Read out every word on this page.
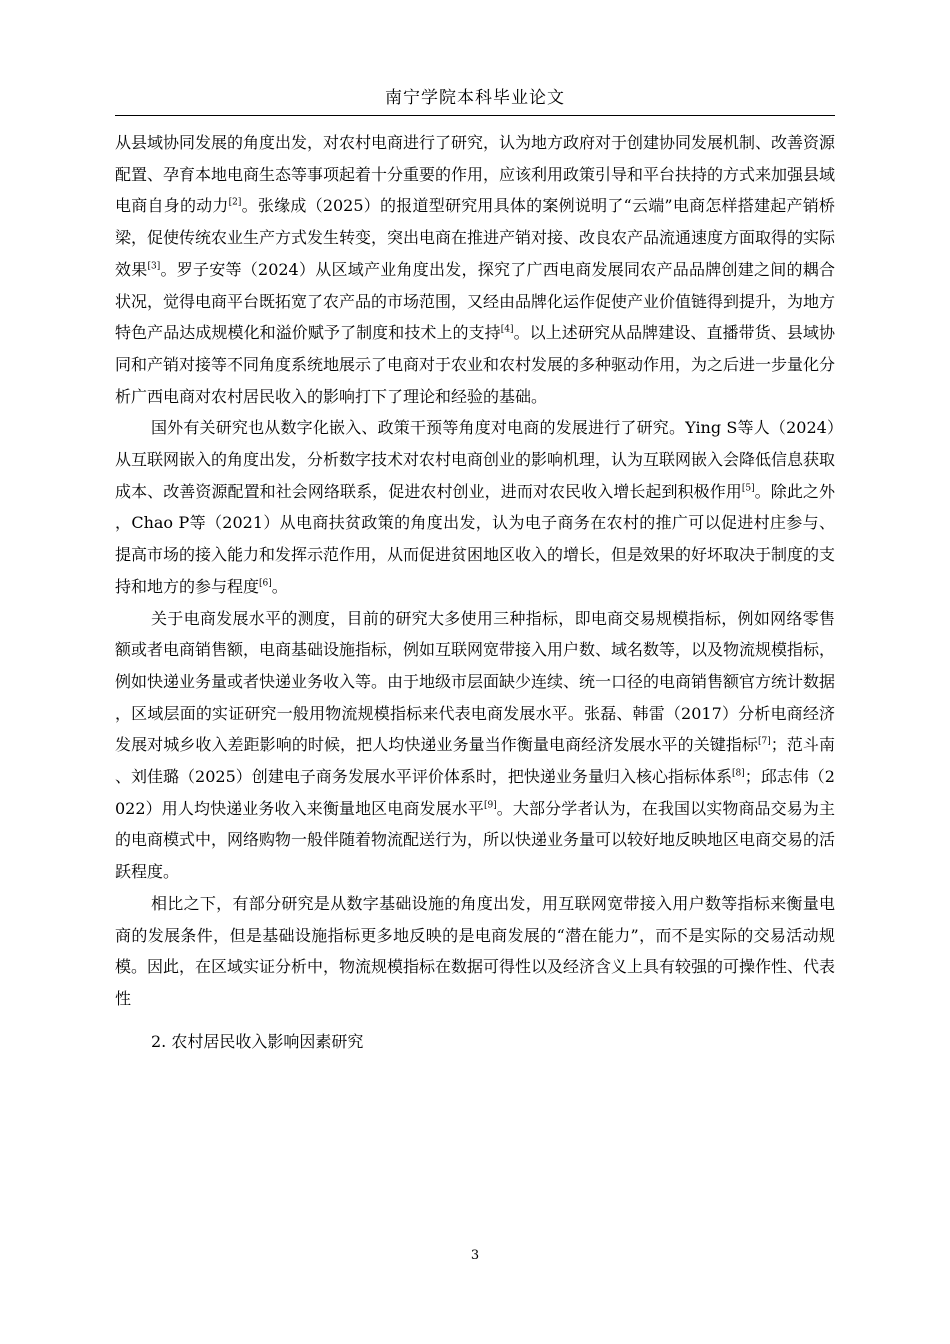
南宁学院本科毕业论文

从县域协同发展的角度出发，对农村电商进行了研究，认为地方政府对于创建协同发展机制、改善资源配置、孕育本地电商生态等事项起着十分重要的作用，应该利用政策引导和平台扶持的方式来加强县域电商自身的动力[2]。张缘成（2025）的报道型研究用具体的案例说明了“云端”电商怎样搭建起产销桥梁，促使传统农业生产方式发生转变，突出电商在推进产销对接、改良农产品流通速度方面取得的实际效果[3]。罗子安等（2024）从区域产业角度出发，探究了广西电商发展同农产品品牌创建之间的耦合状况，觉得电商平台既拓宽了农产品的市场范围，又经由品牌化运作促使产业价值链得到提升，为地方特色产品达成规模化和溢价赋予了制度和技术上的支持[4]。以上述研究从品牌建设、直播带货、县域协同和产销对接等不同角度系统地展示了电商对于农业和农村发展的多种驱动作用，为之后进一步量化分析广西电商对农村居民收入的影响打下了理论和经验的基础。

国外有关研究也从数字化嵌入、政策干预等角度对电商的发展进行了研究。Ying S等人（2024）从互联网嵌入的角度出发，分析数字技术对农村电商创业的影响机理，认为互联网嵌入会降低信息获取成本、改善资源配置和社会网络联系，促进农村创业，进而对农民收入增长起到积极作用[5]。除此之外，Chao P等（2021）从电商扶贫政策的角度出发，认为电子商务在农村的推广可以促进村庄参与、提高市场的接入能力和发挥示范作用，从而促进贫困地区收入的增长，但是效果的好坏取决于制度的支持和地方的参与程度[6]。

关于电商发展水平的测度，目前的研究大多使用三种指标，即电商交易规模指标，例如网络零售额或者电商销售额，电商基础设施指标，例如互联网宽带接入用户数、域名数等，以及物流规模指标，例如快递业务量或者快递业务收入等。由于地级市层面缺少连续、统一口径的电商销售额官方统计数据，区域层面的实证研究一般用物流规模指标来代表电商发展水平。张磊、韩雷（2017）分析电商经济发展对城乡收入差距影响的时候，把人均快递业务量当作衡量电商经济发展水平的关键指标[7]；范斗南、刘佳璐（2025）创建电子商务发展水平评价体系时，把快递业务量归入核心指标体系[8]；邱志伟（2022）用人均快递业务收入来衡量地区电商发展水平[9]。大部分学者认为，在我国以实物商品交易为主的电商模式中，网络购物一般伴随着物流配送行为，所以快递业务量可以较好地反映地区电商交易的活跃程度。

相比之下，有部分研究是从数字基础设施的角度出发，用互联网宽带接入用户数等指标来衡量电商的发展条件，但是基础设施指标更多地反映的是电商发展的“潜在能力”，而不是实际的交易活动规模。因此，在区域实证分析中，物流规模指标在数据可得性以及经济含义上具有较强的可操作性、代表性

2. 农村居民收入影响因素研究

3
